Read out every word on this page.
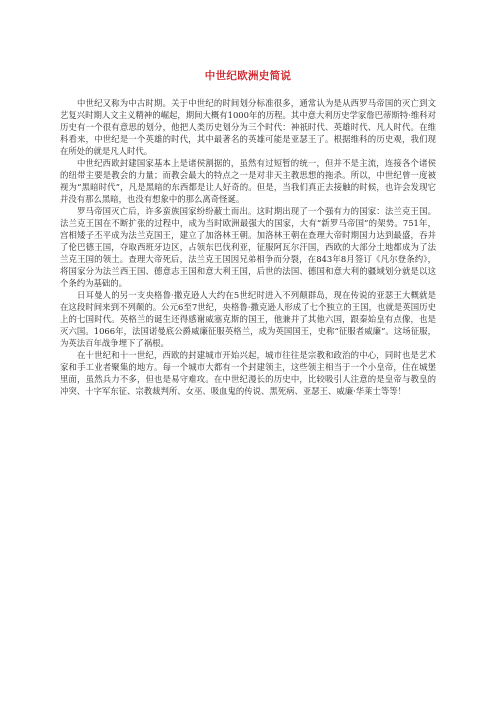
中世纪欧洲史简说

中世纪又称为中古时期。关于中世纪的时间划分标准很多，通常认为是从西罗马帝国的灭亡到文艺复兴时期人文主义精神的崛起，期间大概有1000年的历程。其中意大利历史学家詹巴蒂斯特·维科对历史有一个很有意思的划分，他把人类历史划分为三个时代：神祇时代、英雄时代、凡人时代。在维科看来，中世纪是一个英雄的时代，其中最著名的英雄可能是亚瑟王了。根据维科的历史观，我们现在所处的就是凡人时代。

中世纪西欧封建国家基本上是诸侯割据的，虽然有过短暂的统一，但并不是主流，连接各个诸侯的纽带主要是教会的力量；而教会最大的特点之一是对非天主教思想的拖杀。所以，中世纪曾一度被视为“黑暗时代”，凡是黑暗的东西都是让人好奇的。但是，当我们真正去接触的时候，也许会发现它并没有那么黑暗，也没有想象中的那么离奇怪诞。

罗马帝国灭亡后，许多蛮族国家纷纷蔽土而出。这时期出现了一个强有力的国家：法兰克王国。法兰克王国在不断扩张的过程中，成为当时欧洲最强大的国家，大有“新罗马帝国”的架势。751年，宫相矮子丕平成为法兰克国王，建立了加洛林王朝。加洛林王朝在查理大帝时期国力达到最盛，吞并了伦巴德王国，夺取西班牙边区，占领东巴伐利亚，征服阿瓦尔汗国，西欧的大部分土地都成为了法兰克王国的领土。查理大帝死后，法兰克王国因兄弟相争而分裂，在843年8月签订《凡尔登条约》，将国家分为法兰西王国、德意志王国和意大利王国，后世的法国、德国和意大利的疆域划分就是以这个条约为基础的。

日耳曼人的另一支央格鲁·撒克逊人大约在5世纪时进入不列颠群岛，现在传说的亚瑟王大概就是在这段时间来到不列颠的。公元6至7世纪，央格鲁·撒克逊人形成了七个独立的王国，也就是英国历史上的七国时代。英格兰的诞生还得感谢威塞克斯的国王，他兼并了其他六国，跟秦始皇有点像，也是灭六国。1066年，法国诺曼底公爵威廉征服英格兰，成为英国国王，史称“征服者威廉”。这场征服，为英法百年战争埋下了祸根。

在十世纪和十一世纪，西欧的封建城市开始兴起，城市往往是宗教和政治的中心，同时也是艺术家和手工业者聚集的地方。每一个城市大都有一个封建领主，这些领主相当于一个小皇帝，住在城堡里面，虽然兵力不多，但也是易守难攻。在中世纪漫长的历史中，比较吸引人注意的是皇帝与教皇的冲突、十字军东征、宗教裁判所、女巫、吸血鬼的传说、黑死病、亚瑟王、威廉·华莱士等等！
